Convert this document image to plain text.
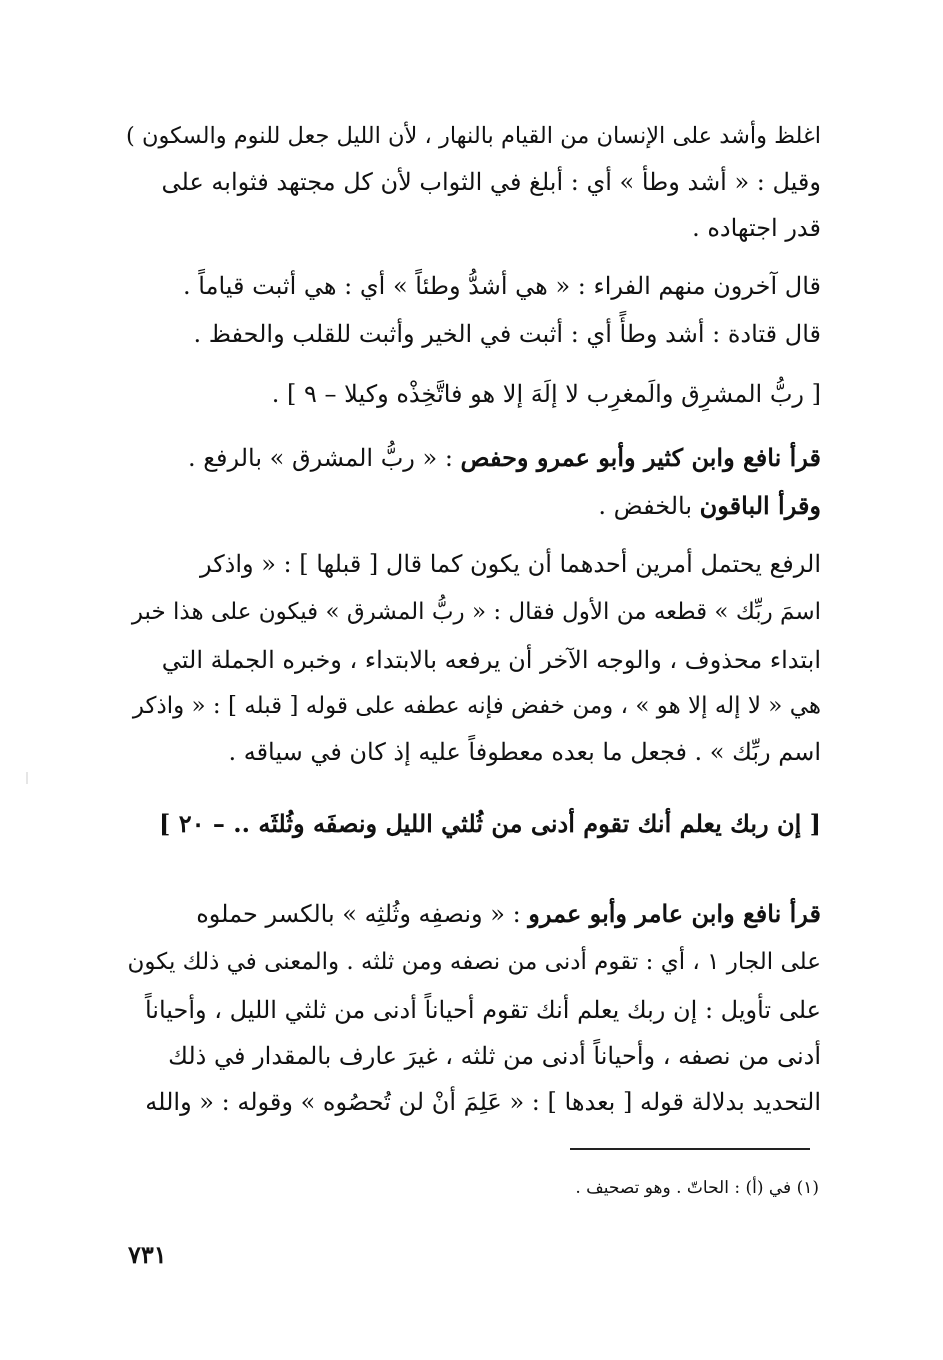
اغلظ وأشد على الإنسان من القيام بالنهار ، لأن الليل جعل للنوم والسكون )
وقيل : « أشد وطأ » أي : أبلغ في الثواب لأن كل مجتهد فثوابه على
قدر اجتهاده .
قال آخرون منهم الفراء : « هي أشدُّ وطئاً » أي : هي أثبت قياماً .
قال قتادة : أشد وطأً أي : أثبت في الخير وأثبت للقلب والحفظ .
[ ربُّ المشرِق والَمغرِب لا إلَهَ إلا هو فاتَّخِذْه وكيلا – ٩ ] .
قرأ نافع وابن كثير وأبو عمرو وحفص : « ربُّ المشرق » بالرفع .
وقرأ الباقون بالخفض .
الرفع يحتمل أمرين أحدهما أن يكون كما قال [ قبلها ] : « واذكر
اسمَ ربِّك » قطعه من الأول فقال : « ربُّ المشرق » فيكون على هذا خبر
ابتداء محذوف ، والوجه الآخر أن يرفعه بالابتداء ، وخبره الجملة التي
هي « لا إله إلا هو » ، ومن خفض فإنه عطفه على قوله [ قبله ] : « واذكر
اسم ربِّك » . فجعل ما بعده معطوفاً عليه إذ كان في سياقه .
[ إن ربك يعلم أنك تقوم أدنى من ثُلثي الليل ونصفَه وثُلثَه .. – ٢٠ ]
قرأ نافع وابن عامر وأبو عمرو : « ونصفِه وثُلثِه » بالكسر حملوه
على الجار ١ ، أي : تقوم أدنى من نصفه ومن ثلثه . والمعنى في ذلك يكون
على تأويل : إن ربك يعلم أنك تقوم أحياناً أدنى من ثلثي الليل ، وأحياناً
أدنى من نصفه ، وأحياناً أدنى من ثلثه ، غيرَ عارف بالمقدار في ذلك
التحديد بدلالة قوله [ بعدها ] : « عَلِمَ أنْ لن تُحصُوه » وقوله : « والله
(١) في (أ) : الحاتّ . وهو تصحيف .
٧٣١
